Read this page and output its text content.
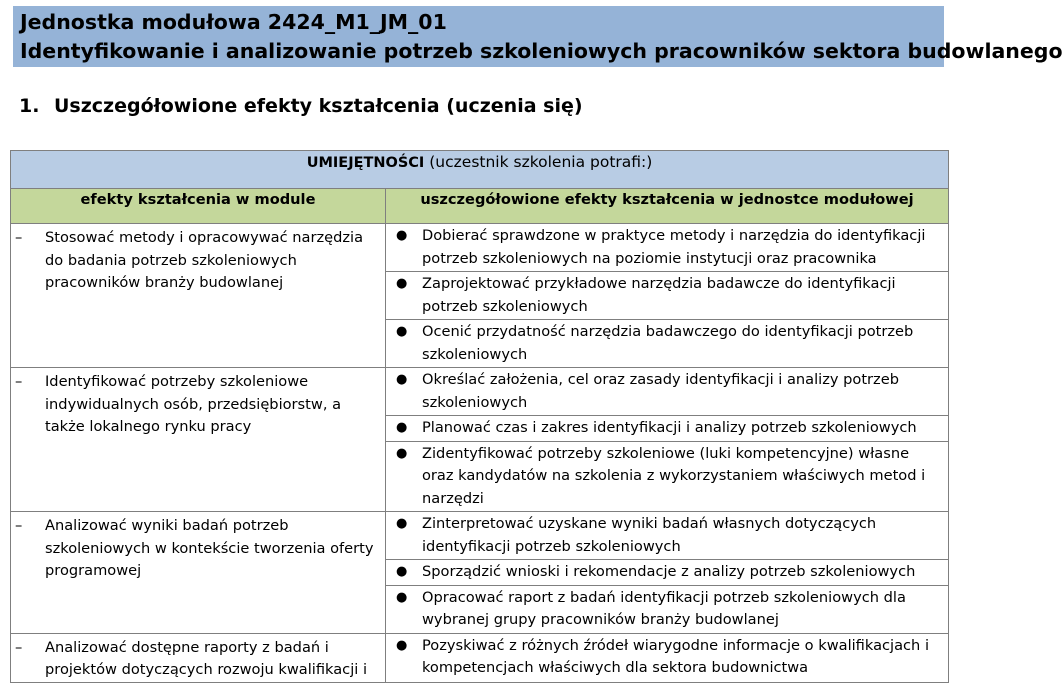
Jednostka modułowa 2424_M1_JM_01
Identyfikowanie i analizowanie potrzeb szkoleniowych pracowników sektora budowlanego
1. Uszczegółowione efekty kształcenia (uczenia się)
UMIEJĘTNOŚCI (uczestnik szkolenia potrafi:)	
efekty kształcenia w module	uszczegółowione efekty kształcenia w jednostce modułowej

– Stosować metody i opracowywać narzędzia do badania potrzeb szkoleniowych pracowników branży budowlanej	● Dobierać sprawdzone w praktyce metody i narzędzia do identyfikacji potrzeb szkoleniowych na poziomie instytucji oraz pracownika

	● Zaprojektować przykładowe narzędzia badawcze do identyfikacji potrzeb szkoleniowych

	● Ocenić przydatność narzędzia badawczego do identyfikacji potrzeb szkoleniowych

– Identyfikować potrzeby szkoleniowe indywidualnych osób, przedsiębiorstw, a także lokalnego rynku pracy	● Określać założenia, cel oraz zasady identyfikacji i analizy potrzeb szkoleniowych

	● Planować czas i zakres identyfikacji i analizy potrzeb szkoleniowych

	● Zidentyfikować potrzeby szkoleniowe (luki kompetencyjne) własne oraz kandydatów na szkolenia z wykorzystaniem właściwych metod i narzędzi

– Analizować wyniki badań potrzeb szkoleniowych w kontekście tworzenia oferty programowej	● Zinterpretować uzyskane wyniki badań własnych dotyczących identyfikacji potrzeb szkoleniowych

	● Sporządzić wnioski i rekomendacje z analizy potrzeb szkoleniowych

	● Opracować raport z badań identyfikacji potrzeb szkoleniowych dla wybranej grupy pracowników branży budowlanej

– Analizować dostępne raporty z badań i projektów dotyczących rozwoju kwalifikacji i	● Pozyskiwać z różnych źródeł wiarygodne informacje o kwalifikacjach i kompetencjach właściwych dla sektora budownictwa
